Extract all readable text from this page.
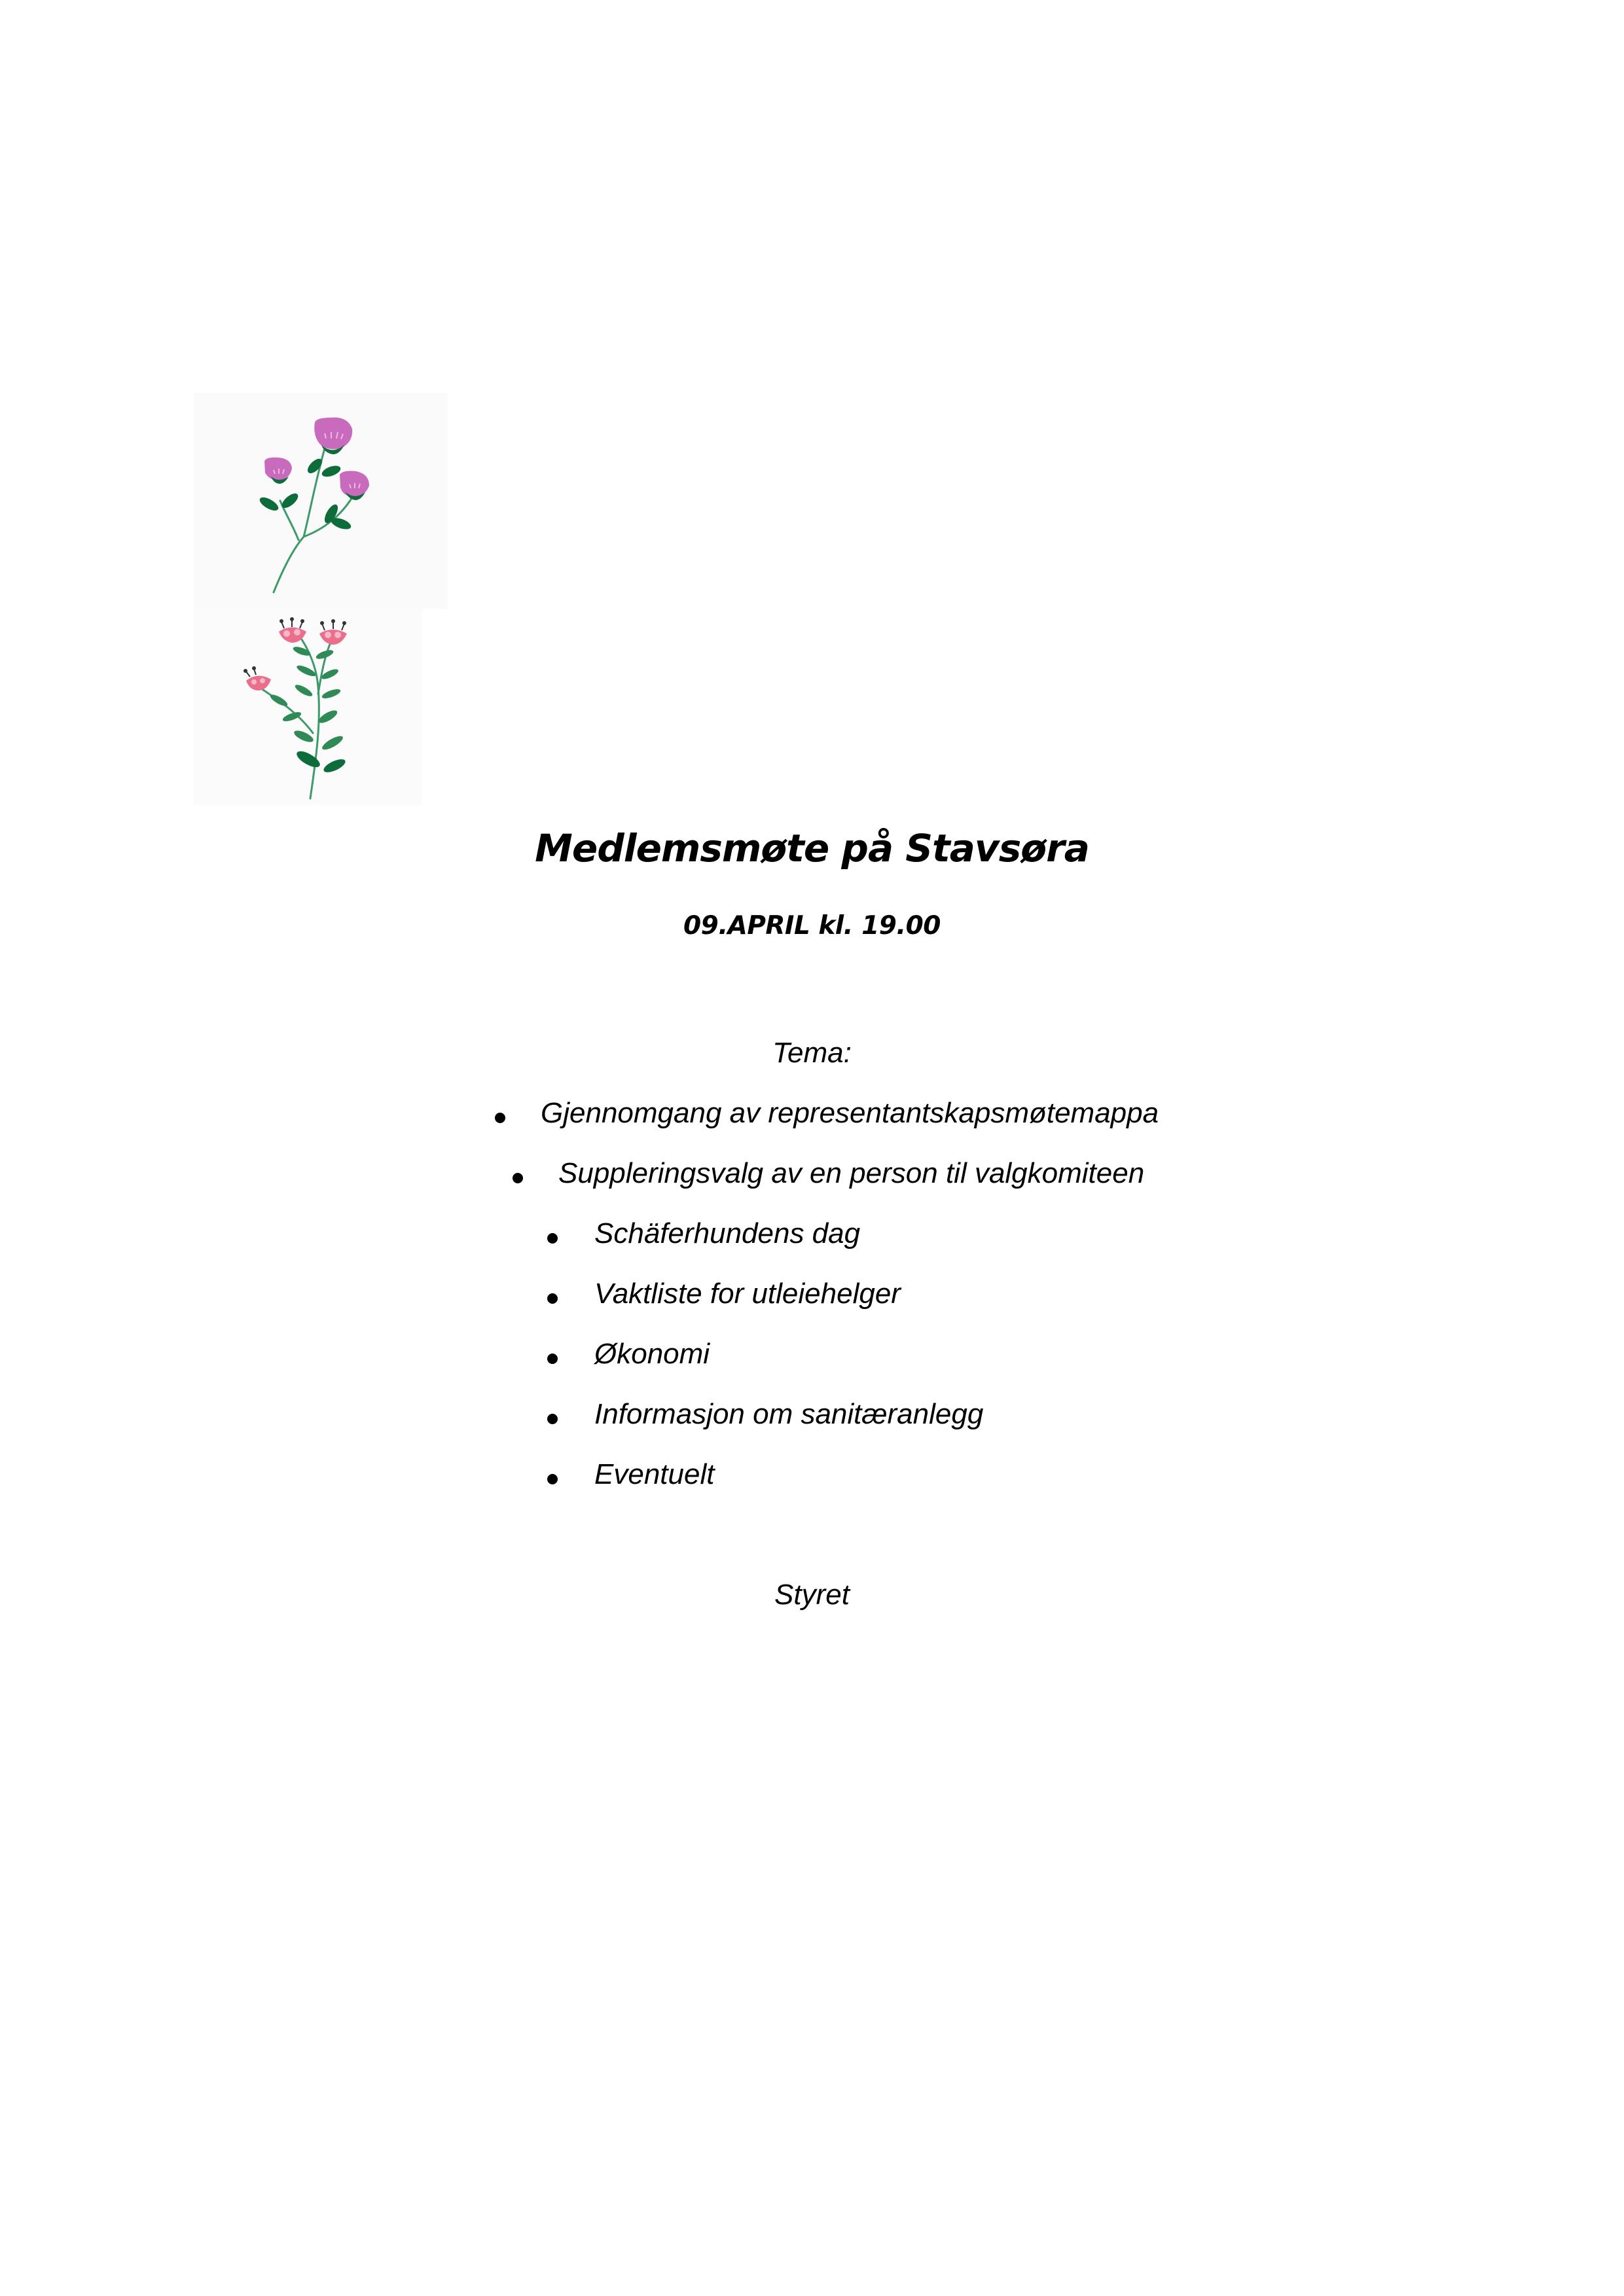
Medlemsmøte på Stavsøra
09.APRIL kl. 19.00
Tema:
Gjennomgang av representantskapsmøtemappa
Suppleringsvalg av en person til valgkomiteen
Schäferhundens dag
Vaktliste for utleiehelger
Økonomi
Informasjon om sanitæranlegg
Eventuelt
Styret
